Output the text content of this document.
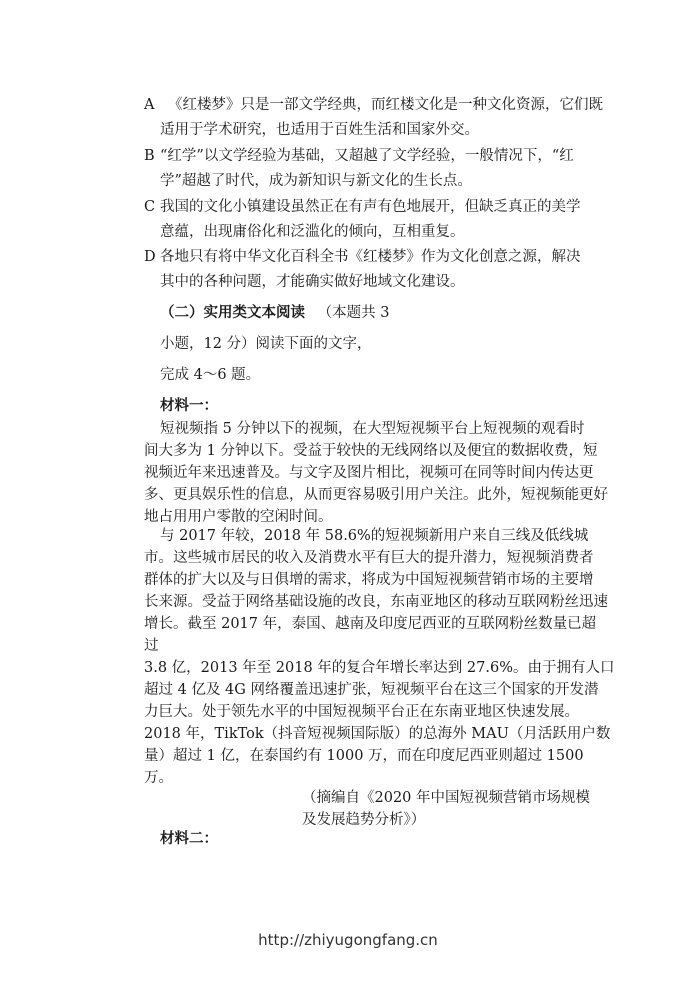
A 《红楼梦》只是一部文学经典，而红楼文化是一种文化资源，它们既
适用于学术研究，也适用于百姓生活和国家外交。
B “红学”以文学经验为基础，又超越了文学经验，一般情况下，“红
学”超越了时代，成为新知识与新文化的生长点。
C 我国的文化小镇建设虽然正在有声有色地展开，但缺乏真正的美学
意蕴，出现庸俗化和泛滥化的倾向，互相重复。
D 各地只有将中华文化百科全书《红楼梦》作为文化创意之源，解决
其中的各种问题，才能确实做好地域文化建设。
（二）实用类文本阅读 （本题共 3
小题，12 分）阅读下面的文字，
完成 4～6 题。
材料一：
短视频指 5 分钟以下的视频，在大型短视频平台上短视频的观看时
间大多为 1 分钟以下。受益于较快的无线网络以及便宜的数据收费，短
视频近年来迅速普及。与文字及图片相比，视频可在同等时间内传达更
多、更具娱乐性的信息，从而更容易吸引用户关注。此外，短视频能更好
地占用用户零散的空闲时间。
与 2017 年较，2018 年 58.6%的短视频新用户来自三线及低线城
市。这些城市居民的收入及消费水平有巨大的提升潜力，短视频消费者
群体的扩大以及与日俱增的需求，将成为中国短视频营销市场的主要增
长来源。受益于网络基础设施的改良，东南亚地区的移动互联网粉丝迅速
增长。截至 2017 年，泰国、越南及印度尼西亚的互联网粉丝数量已超
过
3.8 亿，2013 年至 2018 年的复合年增长率达到 27.6%。由于拥有人口
超过 4 亿及 4G 网络覆盖迅速扩张，短视频平台在这三个国家的开发潜
力巨大。处于领先水平的中国短视频平台正在东南亚地区快速发展。
2018 年，TikTok（抖音短视频国际版）的总海外 MAU（月活跃用户数
量）超过 1 亿，在泰国约有 1000 万，而在印度尼西亚则超过 1500
万。
（摘编自《2020 年中国短视频营销市场规模
及发展趋势分析》）
材料二：
http://zhiyugongfang.cn
